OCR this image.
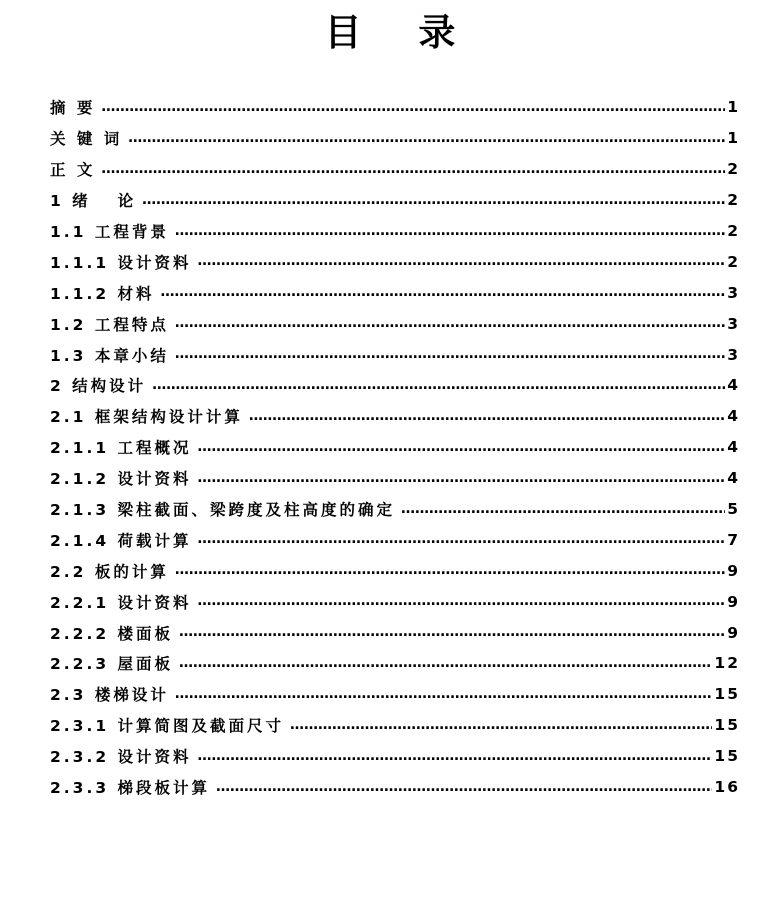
目 录
摘 要 …………………………………………………………………………………………………………………………………………………………………………………………………………………	1
关 键 词 …………………………………………………………………………………………………………………………………………………………………………………………………………………	1
正 文 …………………………………………………………………………………………………………………………………………………………………………………………………………………	2
1 绪　 论 …………………………………………………………………………………………………………………………………………………………………………………………………………………	2
1.1 工程背景 …………………………………………………………………………………………………………………………………………………………………………………………………………………	2
1.1.1 设计资料 …………………………………………………………………………………………………………………………………………………………………………………………………………………	2
1.1.2 材料 …………………………………………………………………………………………………………………………………………………………………………………………………………………	3
1.2 工程特点 …………………………………………………………………………………………………………………………………………………………………………………………………………………	3
1.3 本章小结 …………………………………………………………………………………………………………………………………………………………………………………………………………………	3
2 结构设计 …………………………………………………………………………………………………………………………………………………………………………………………………………………	4
2.1 框架结构设计计算 …………………………………………………………………………………………………………………………………………………………………………………………………………………	4
2.1.1 工程概况 …………………………………………………………………………………………………………………………………………………………………………………………………………………	4
2.1.2 设计资料 …………………………………………………………………………………………………………………………………………………………………………………………………………………	4
2.1.3 梁柱截面、梁跨度及柱高度的确定 …………………………………………………………………………………………………………………………………………………………………………………………………………………	5
2.1.4 荷载计算 …………………………………………………………………………………………………………………………………………………………………………………………………………………	7
2.2 板的计算 …………………………………………………………………………………………………………………………………………………………………………………………………………………	9
2.2.1 设计资料 …………………………………………………………………………………………………………………………………………………………………………………………………………………	9
2.2.2 楼面板 …………………………………………………………………………………………………………………………………………………………………………………………………………………	9
2.2.3 屋面板 …………………………………………………………………………………………………………………………………………………………………………………………………………………	12
2.3 楼梯设计 …………………………………………………………………………………………………………………………………………………………………………………………………………………	15
2.3.1 计算简图及截面尺寸 …………………………………………………………………………………………………………………………………………………………………………………………………………………	15
2.3.2 设计资料 …………………………………………………………………………………………………………………………………………………………………………………………………………………	15
2.3.3 梯段板计算 …………………………………………………………………………………………………………………………………………………………………………………………………………………	16
